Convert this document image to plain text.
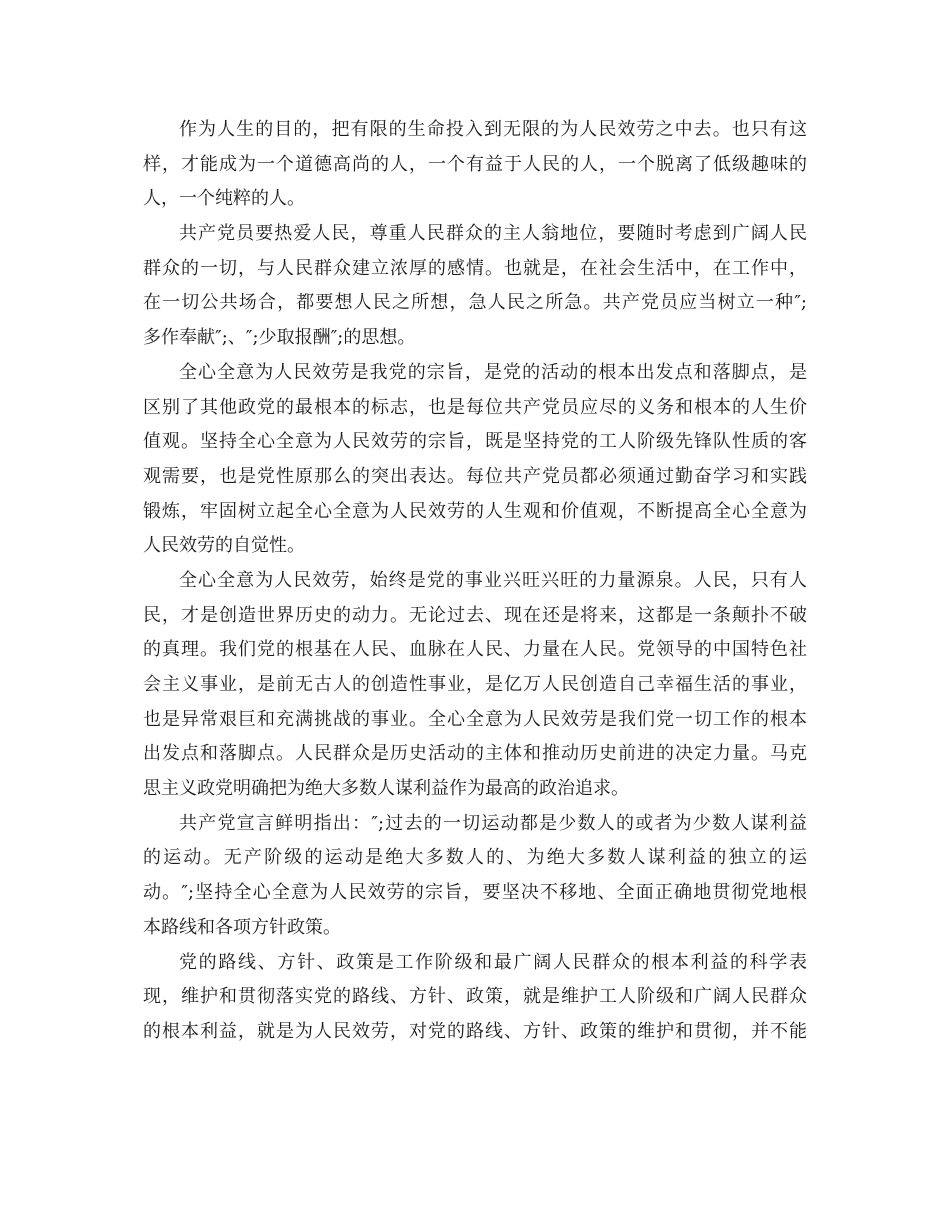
作为人生的目的，把有限的生命投入到无限的为人民效劳之中去。也只有这
样，才能成为一个道德高尚的人，一个有益于人民的人，一个脱离了低级趣味的
人，一个纯粹的人。
共产党员要热爱人民，尊重人民群众的主人翁地位，要随时考虑到广阔人民
群众的一切，与人民群众建立浓厚的感情。也就是，在社会生活中，在工作中，
在一切公共场合，都要想人民之所想，急人民之所急。共产党员应当树立一种″;
多作奉献″;、″;少取报酬″;的思想。
全心全意为人民效劳是我党的宗旨，是党的活动的根本出发点和落脚点，是
区别了其他政党的最根本的标志，也是每位共产党员应尽的义务和根本的人生价
值观。坚持全心全意为人民效劳的宗旨，既是坚持党的工人阶级先锋队性质的客
观需要，也是党性原那么的突出表达。每位共产党员都必须通过勤奋学习和实践
锻炼，牢固树立起全心全意为人民效劳的人生观和价值观，不断提高全心全意为
人民效劳的自觉性。
全心全意为人民效劳，始终是党的事业兴旺兴旺的力量源泉。人民，只有人
民，才是创造世界历史的动力。无论过去、现在还是将来，这都是一条颠扑不破
的真理。我们党的根基在人民、血脉在人民、力量在人民。党领导的中国特色社
会主义事业，是前无古人的创造性事业，是亿万人民创造自己幸福生活的事业，
也是异常艰巨和充满挑战的事业。全心全意为人民效劳是我们党一切工作的根本
出发点和落脚点。人民群众是历史活动的主体和推动历史前进的决定力量。马克
思主义政党明确把为绝大多数人谋利益作为最高的政治追求。
共产党宣言鲜明指出：″;过去的一切运动都是少数人的或者为少数人谋利益
的运动。无产阶级的运动是绝大多数人的、为绝大多数人谋利益的独立的运
动。″;坚持全心全意为人民效劳的宗旨，要坚决不移地、全面正确地贯彻党地根
本路线和各项方针政策。
党的路线、方针、政策是工作阶级和最广阔人民群众的根本利益的科学表
现，维护和贯彻落实党的路线、方针、政策，就是维护工人阶级和广阔人民群众
的根本利益，就是为人民效劳，对党的路线、方针、政策的维护和贯彻，并不能
